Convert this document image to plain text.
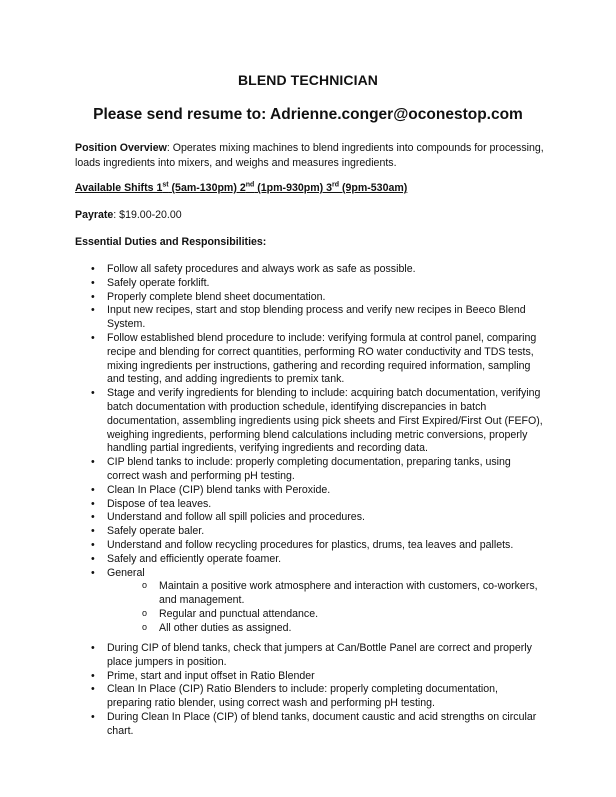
BLEND TECHNICIAN
Please send resume to: Adrienne.conger@oconestop.com
Position Overview: Operates mixing machines to blend ingredients into compounds for processing, loads ingredients into mixers, and weighs and measures ingredients.
Available Shifts 1st (5am-130pm) 2nd (1pm-930pm) 3rd (9pm-530am)
Payrate: $19.00-20.00
Essential Duties and Responsibilities:
• Follow all safety procedures and always work as safe as possible.
• Safely operate forklift.
• Properly complete blend sheet documentation.
• Input new recipes, start and stop blending process and verify new recipes in Beeco Blend System.
• Follow established blend procedure to include: verifying formula at control panel, comparing recipe and blending for correct quantities, performing RO water conductivity and TDS tests, mixing ingredients per instructions, gathering and recording required information, sampling and testing, and adding ingredients to premix tank.
• Stage and verify ingredients for blending to include: acquiring batch documentation, verifying batch documentation with production schedule, identifying discrepancies in batch documentation, assembling ingredients using pick sheets and First Expired/First Out (FEFO), weighing ingredients, performing blend calculations including metric conversions, properly handling partial ingredients, verifying ingredients and recording data.
• CIP blend tanks to include: properly completing documentation, preparing tanks, using correct wash and performing pH testing.
• Clean In Place (CIP) blend tanks with Peroxide.
• Dispose of tea leaves.
• Understand and follow all spill policies and procedures.
• Safely operate baler.
• Understand and follow recycling procedures for plastics, drums, tea leaves and pallets.
• Safely and efficiently operate foamer.
• General
o Maintain a positive work atmosphere and interaction with customers, co-workers, and management.
o Regular and punctual attendance.
o All other duties as assigned.
• During CIP of blend tanks, check that jumpers at Can/Bottle Panel are correct and properly place jumpers in position.
• Prime, start and input offset in Ratio Blender
• Clean In Place (CIP) Ratio Blenders to include: properly completing documentation, preparing ratio blender, using correct wash and performing pH testing.
• During Clean In Place (CIP) of blend tanks, document caustic and acid strengths on circular chart.
